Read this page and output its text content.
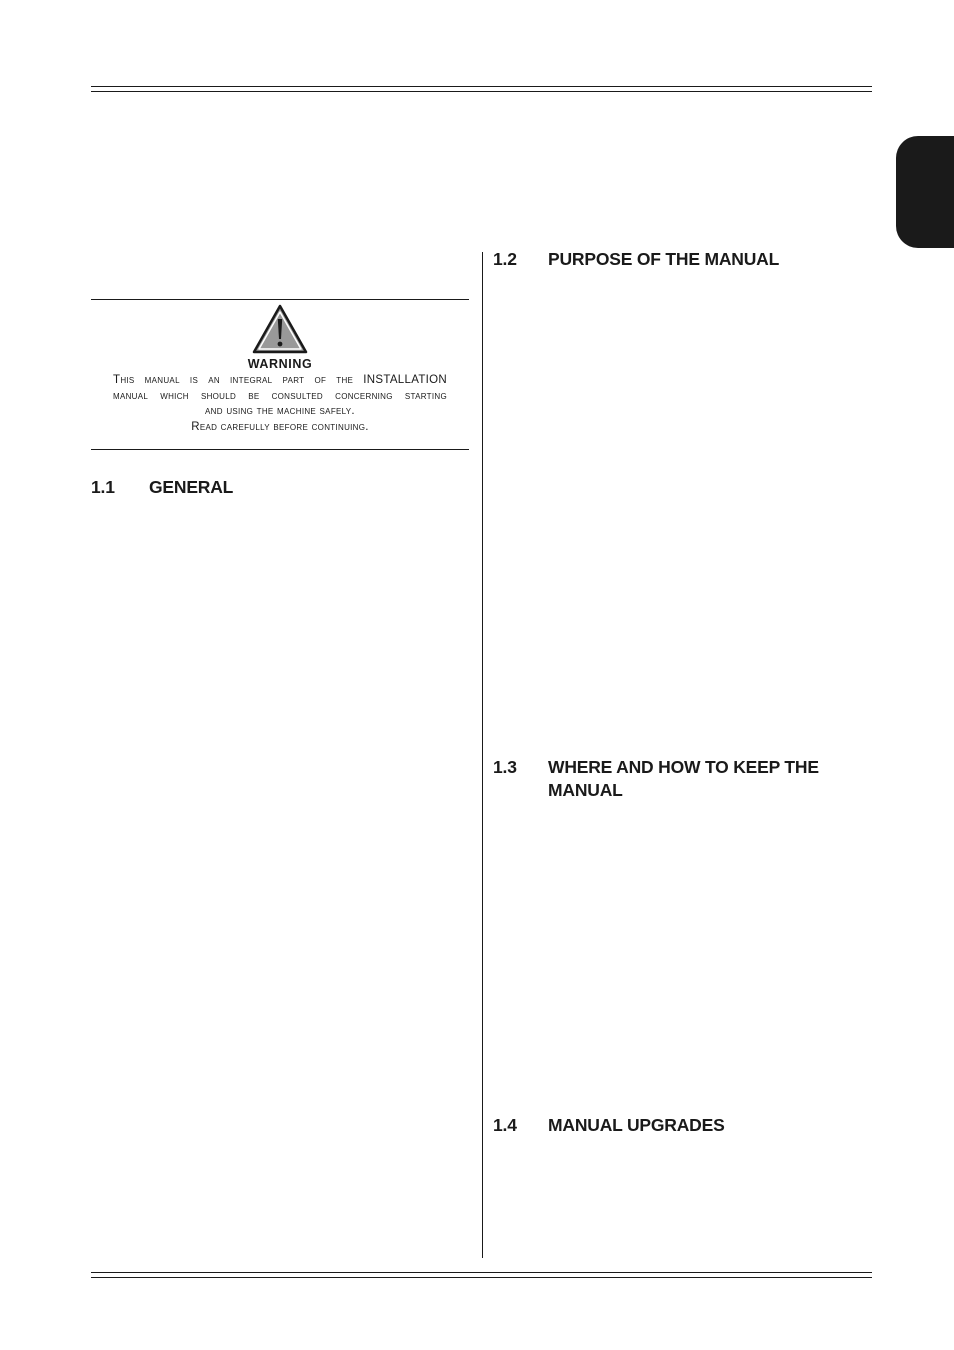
WARNING
This manual is an integral part of the INSTALLATION
manual which should be consulted concerning starting
and using the machine safely.
Read carefully before continuing.
1.1 GENERAL
1.2 PURPOSE OF THE MANUAL
1.3 WHERE AND HOW TO KEEP THE
MANUAL
1.4 MANUAL UPGRADES
